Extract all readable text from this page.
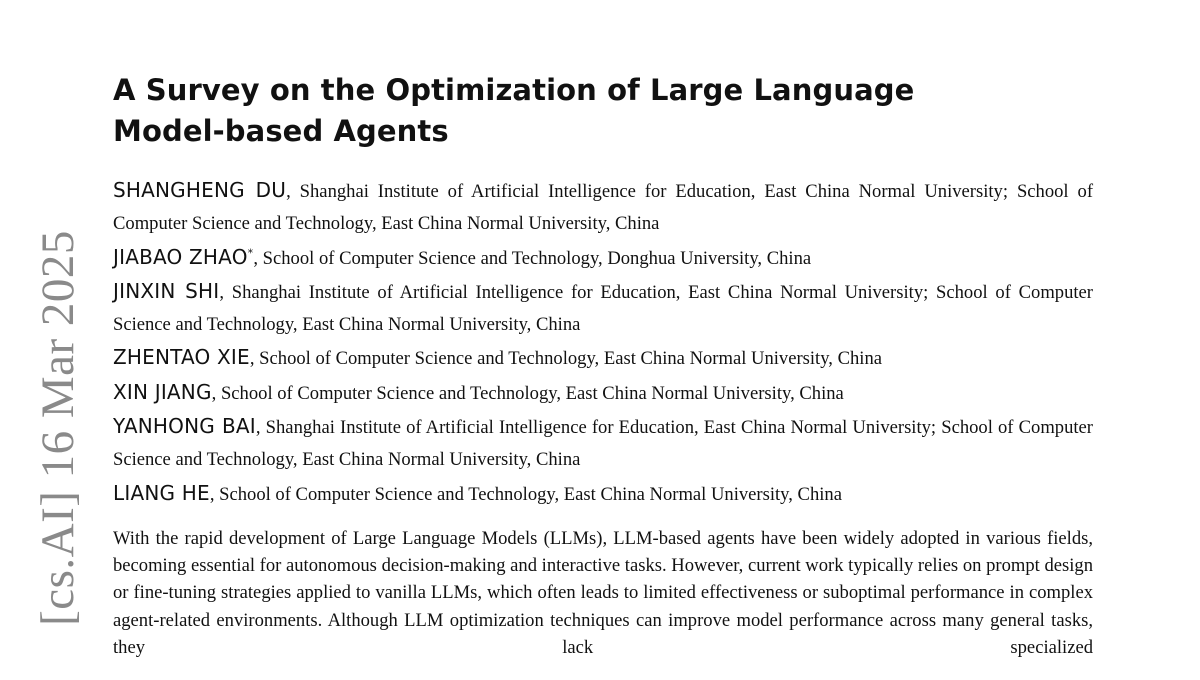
[cs.AI] 16 Mar 2025
A Survey on the Optimization of Large Language Model-based Agents
SHANGHENG DU, Shanghai Institute of Artificial Intelligence for Education, East China Normal University; School of Computer Science and Technology, East China Normal University, China
JIABAO ZHAO*, School of Computer Science and Technology, Donghua University, China
JINXIN SHI, Shanghai Institute of Artificial Intelligence for Education, East China Normal University; School of Computer Science and Technology, East China Normal University, China
ZHENTAO XIE, School of Computer Science and Technology, East China Normal University, China
XIN JIANG, School of Computer Science and Technology, East China Normal University, China
YANHONG BAI, Shanghai Institute of Artificial Intelligence for Education, East China Normal University; School of Computer Science and Technology, East China Normal University, China
LIANG HE, School of Computer Science and Technology, East China Normal University, China

With the rapid development of Large Language Models (LLMs), LLM-based agents have been widely adopted in various fields, becoming essential for autonomous decision-making and interactive tasks. However, current work typically relies on prompt design or fine-tuning strategies applied to vanilla LLMs, which often leads to limited effectiveness or suboptimal performance in complex agent-related environments. Although LLM optimization techniques can improve model performance across many general tasks, they lack specialized
